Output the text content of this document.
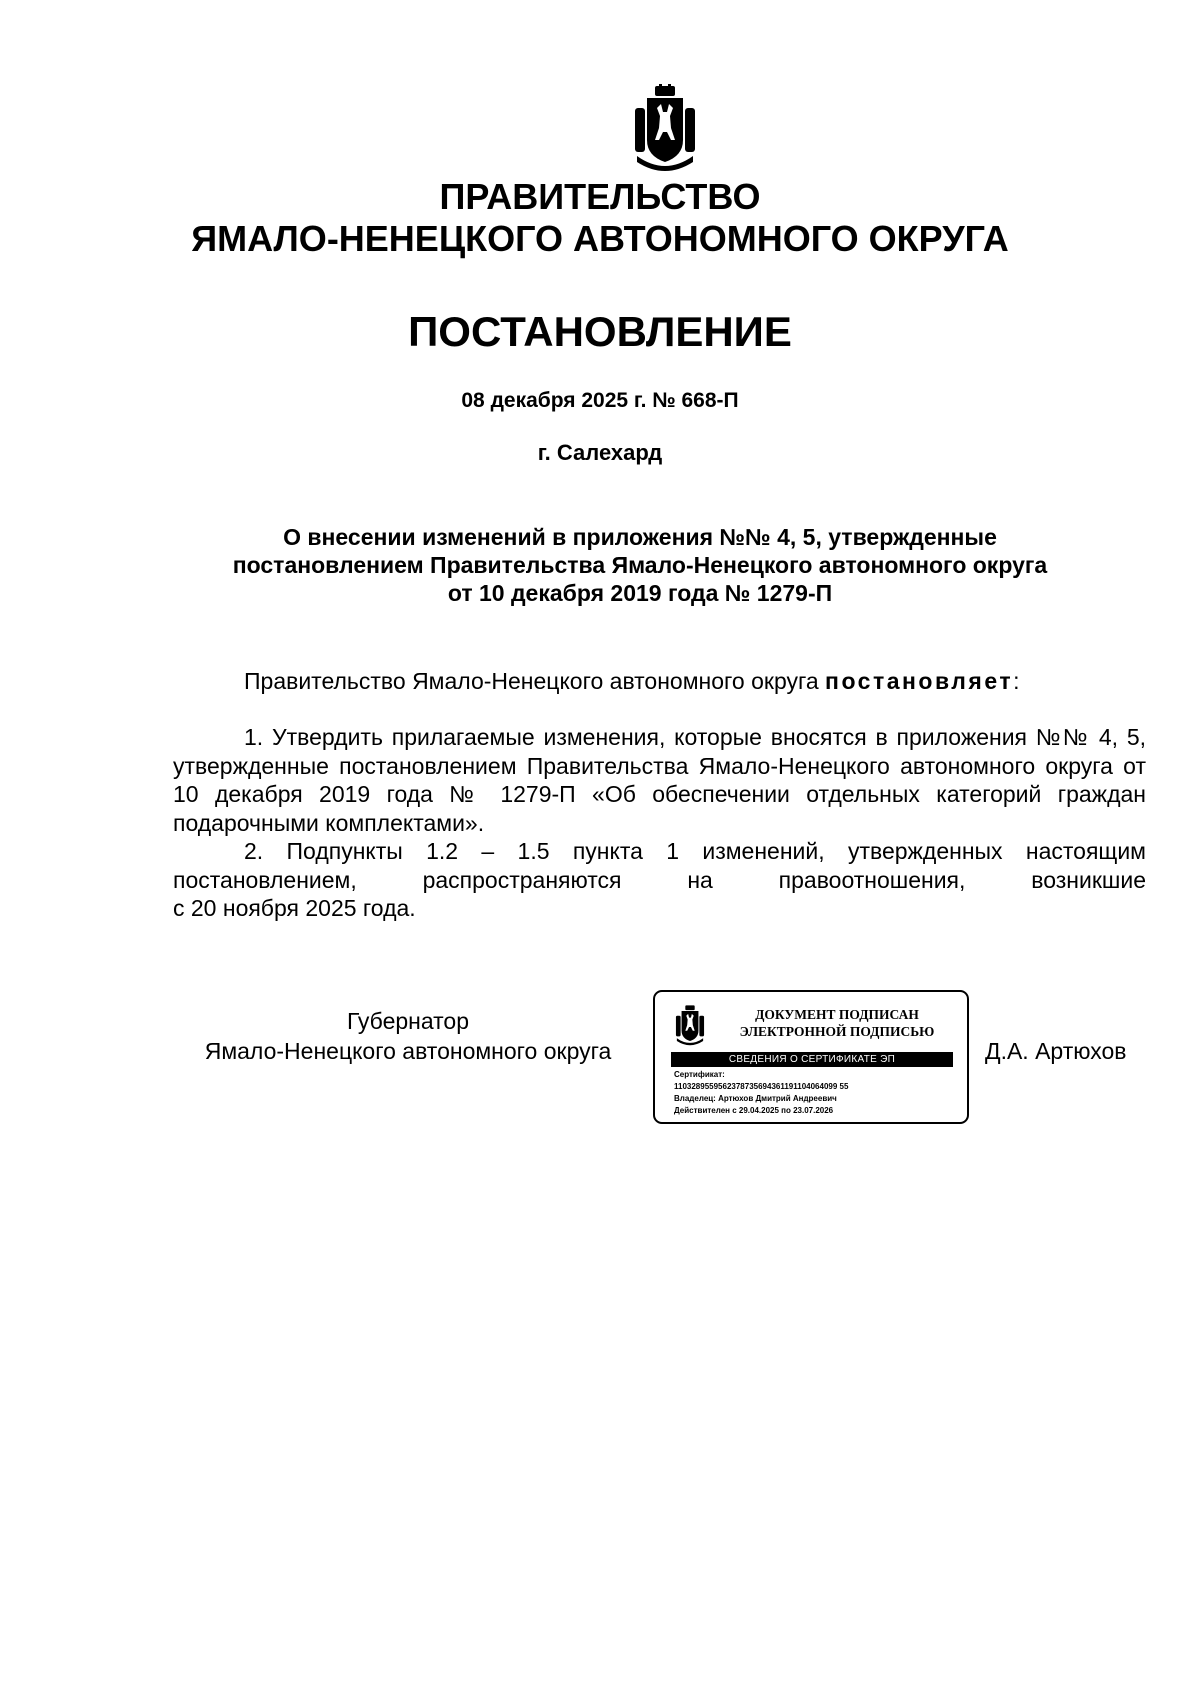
ПРАВИТЕЛЬСТВО
ЯМАЛО-НЕНЕЦКОГО АВТОНОМНОГО ОКРУГА
ПОСТАНОВЛЕНИЕ
08 декабря 2025 г. № 668-П
г. Салехард
О внесении изменений в приложения №№ 4, 5, утвержденные
постановлением Правительства Ямало-Ненецкого автономного округа
от 10 декабря 2019 года № 1279-П
Правительство Ямало-Ненецкого автономного округа постановляет:

1. Утвердить прилагаемые изменения, которые вносятся в приложения №№ 4, 5, утвержденные постановлением Правительства Ямало-Ненецкого автономного округа от 10 декабря 2019 года № 1279-П «Об обеспечении отдельных категорий граждан подарочными комплектами».

2. Подпункты 1.2 – 1.5 пункта 1 изменений, утвержденных настоящим постановлением, распространяются на правоотношения, возникшие

с 20 ноября 2025 года.
Губернатор
Ямало-Ненецкого автономного округа
ДОКУМЕНТ ПОДПИСАН
ЭЛЕКТРОННОЙ ПОДПИСЬЮ
СВЕДЕНИЯ О СЕРТИФИКАТЕ ЭП
Сертификат:
1103289559562378735694361191104064099 55
Владелец: Артюхов Дмитрий Андреевич
Действителен с 29.04.2025 по 23.07.2026
Д.А. Артюхов
